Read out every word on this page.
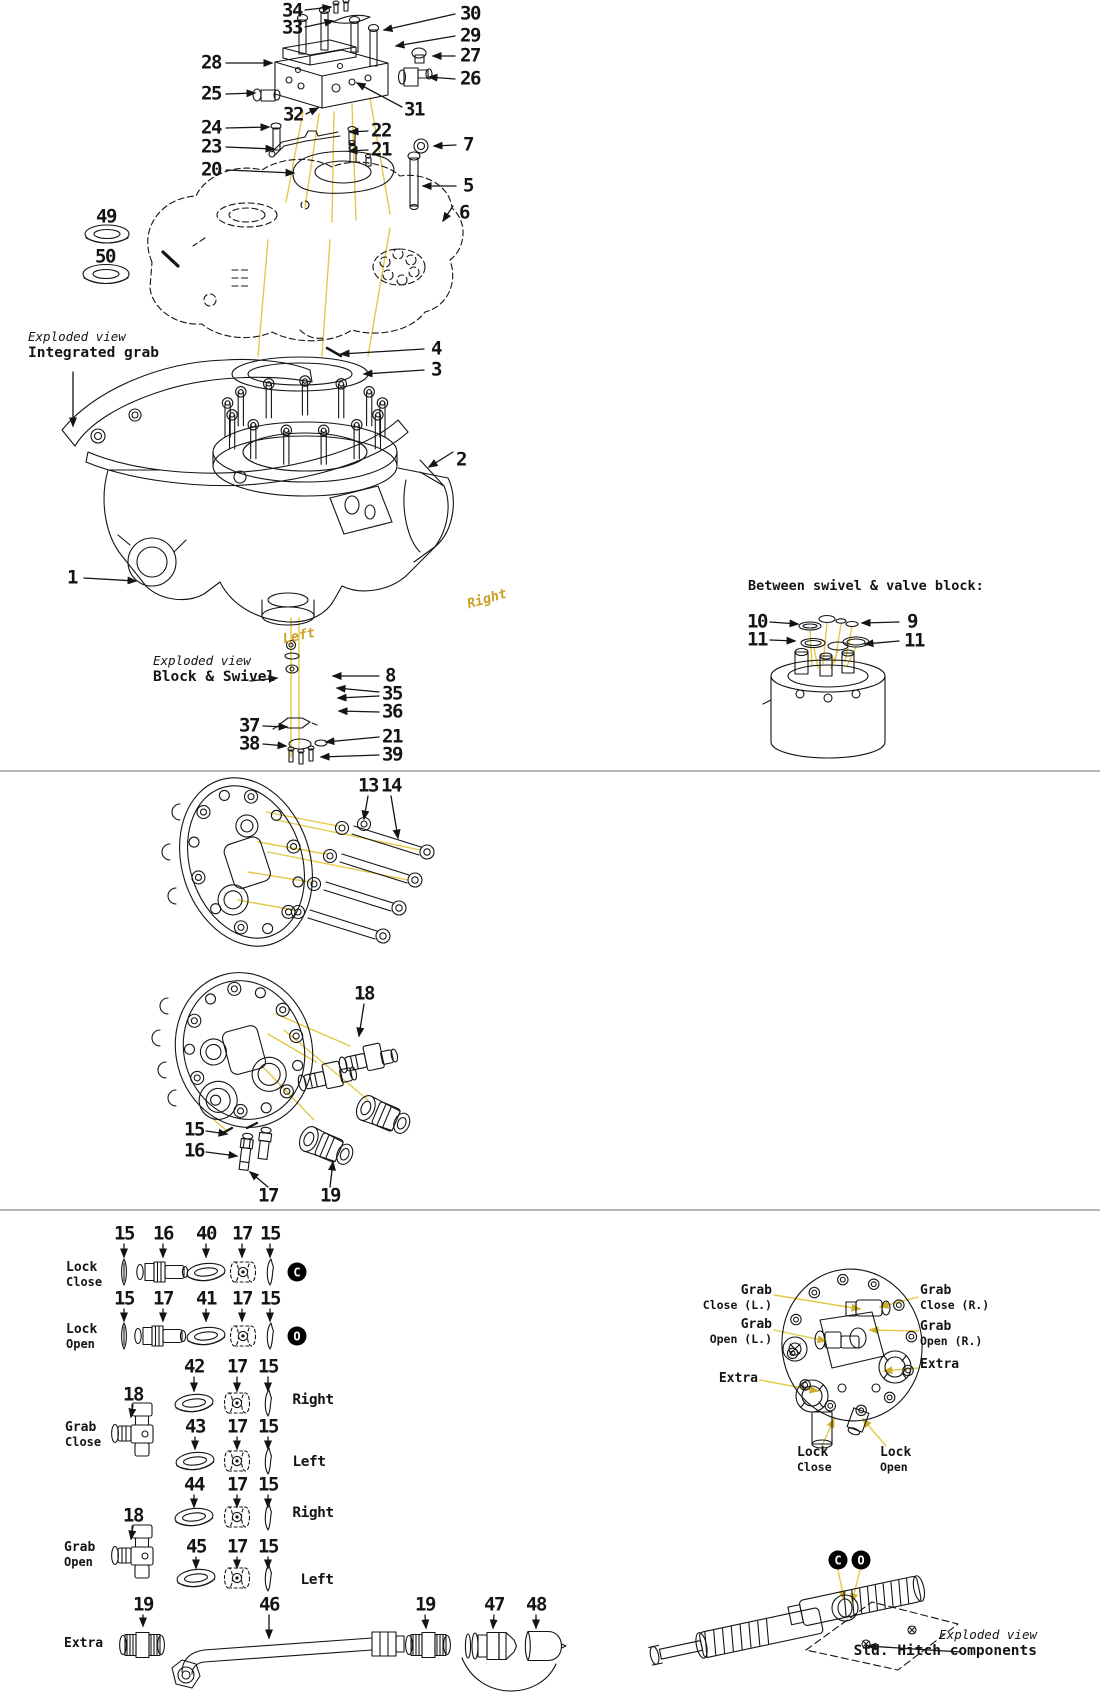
Exploded view
Integrated grab
Exploded view
Block & Swivel
Exploded view
Std. Hitch components
Between swivel & valve block:
34
33
30
29
27
26
28
25
31
32
24	22
23	21	7
20
5
6
49
50
4
3
2
1
8
35
36
37
38	21
39
10	9
11	11
13 14
18
15
16
17 19
15 16 40 17 15
15 17 41 17 15
42 17 15
18
43 17 15
44 17 15
18
45 17 15
19	46	19	47 48
Right
Left
Right
Left
Right
Left
Lock
Close
Lock
Open
Grab
Close
Grab
Open
Extra
Grab
Close (L.)
Grab
Open (L.)
Extra
Grab
Close (R.)
Grab
Open (R.)
Extra
Lock
Close
Lock
Open
C
O
C	O
